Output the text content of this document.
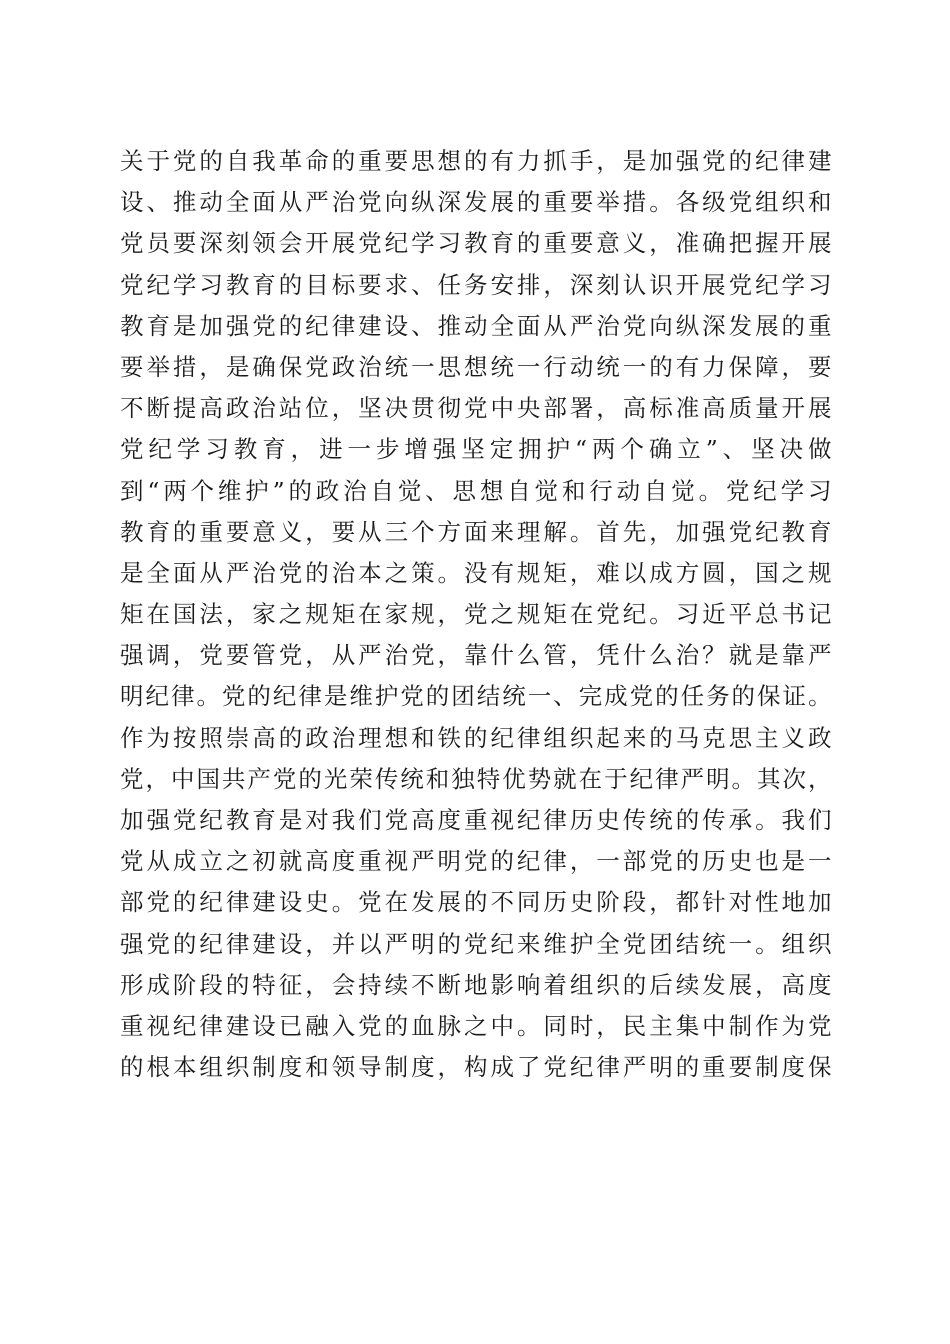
关于党的自我革命的重要思想的有力抓手，是加强党的纪律建
设、推动全面从严治党向纵深发展的重要举措。各级党组织和
党员要深刻领会开展党纪学习教育的重要意义，准确把握开展
党纪学习教育的目标要求、任务安排，深刻认识开展党纪学习
教育是加强党的纪律建设、推动全面从严治党向纵深发展的重
要举措，是确保党政治统一思想统一行动统一的有力保障，要
不断提高政治站位，坚决贯彻党中央部署，高标准高质量开展
党纪学习教育，进一步增强坚定拥护“两个确立”、坚决做
到“两个维护”的政治自觉、思想自觉和行动自觉。党纪学习
教育的重要意义，要从三个方面来理解。首先，加强党纪教育
是全面从严治党的治本之策。没有规矩，难以成方圆，国之规
矩在国法，家之规矩在家规，党之规矩在党纪。习近平总书记
强调，党要管党，从严治党，靠什么管，凭什么治？就是靠严
明纪律。党的纪律是维护党的团结统一、完成党的任务的保证。
作为按照崇高的政治理想和铁的纪律组织起来的马克思主义政
党，中国共产党的光荣传统和独特优势就在于纪律严明。其次，
加强党纪教育是对我们党高度重视纪律历史传统的传承。我们
党从成立之初就高度重视严明党的纪律，一部党的历史也是一
部党的纪律建设史。党在发展的不同历史阶段，都针对性地加
强党的纪律建设，并以严明的党纪来维护全党团结统一。组织
形成阶段的特征，会持续不断地影响着组织的后续发展，高度
重视纪律建设已融入党的血脉之中。同时，民主集中制作为党
的根本组织制度和领导制度，构成了党纪律严明的重要制度保
